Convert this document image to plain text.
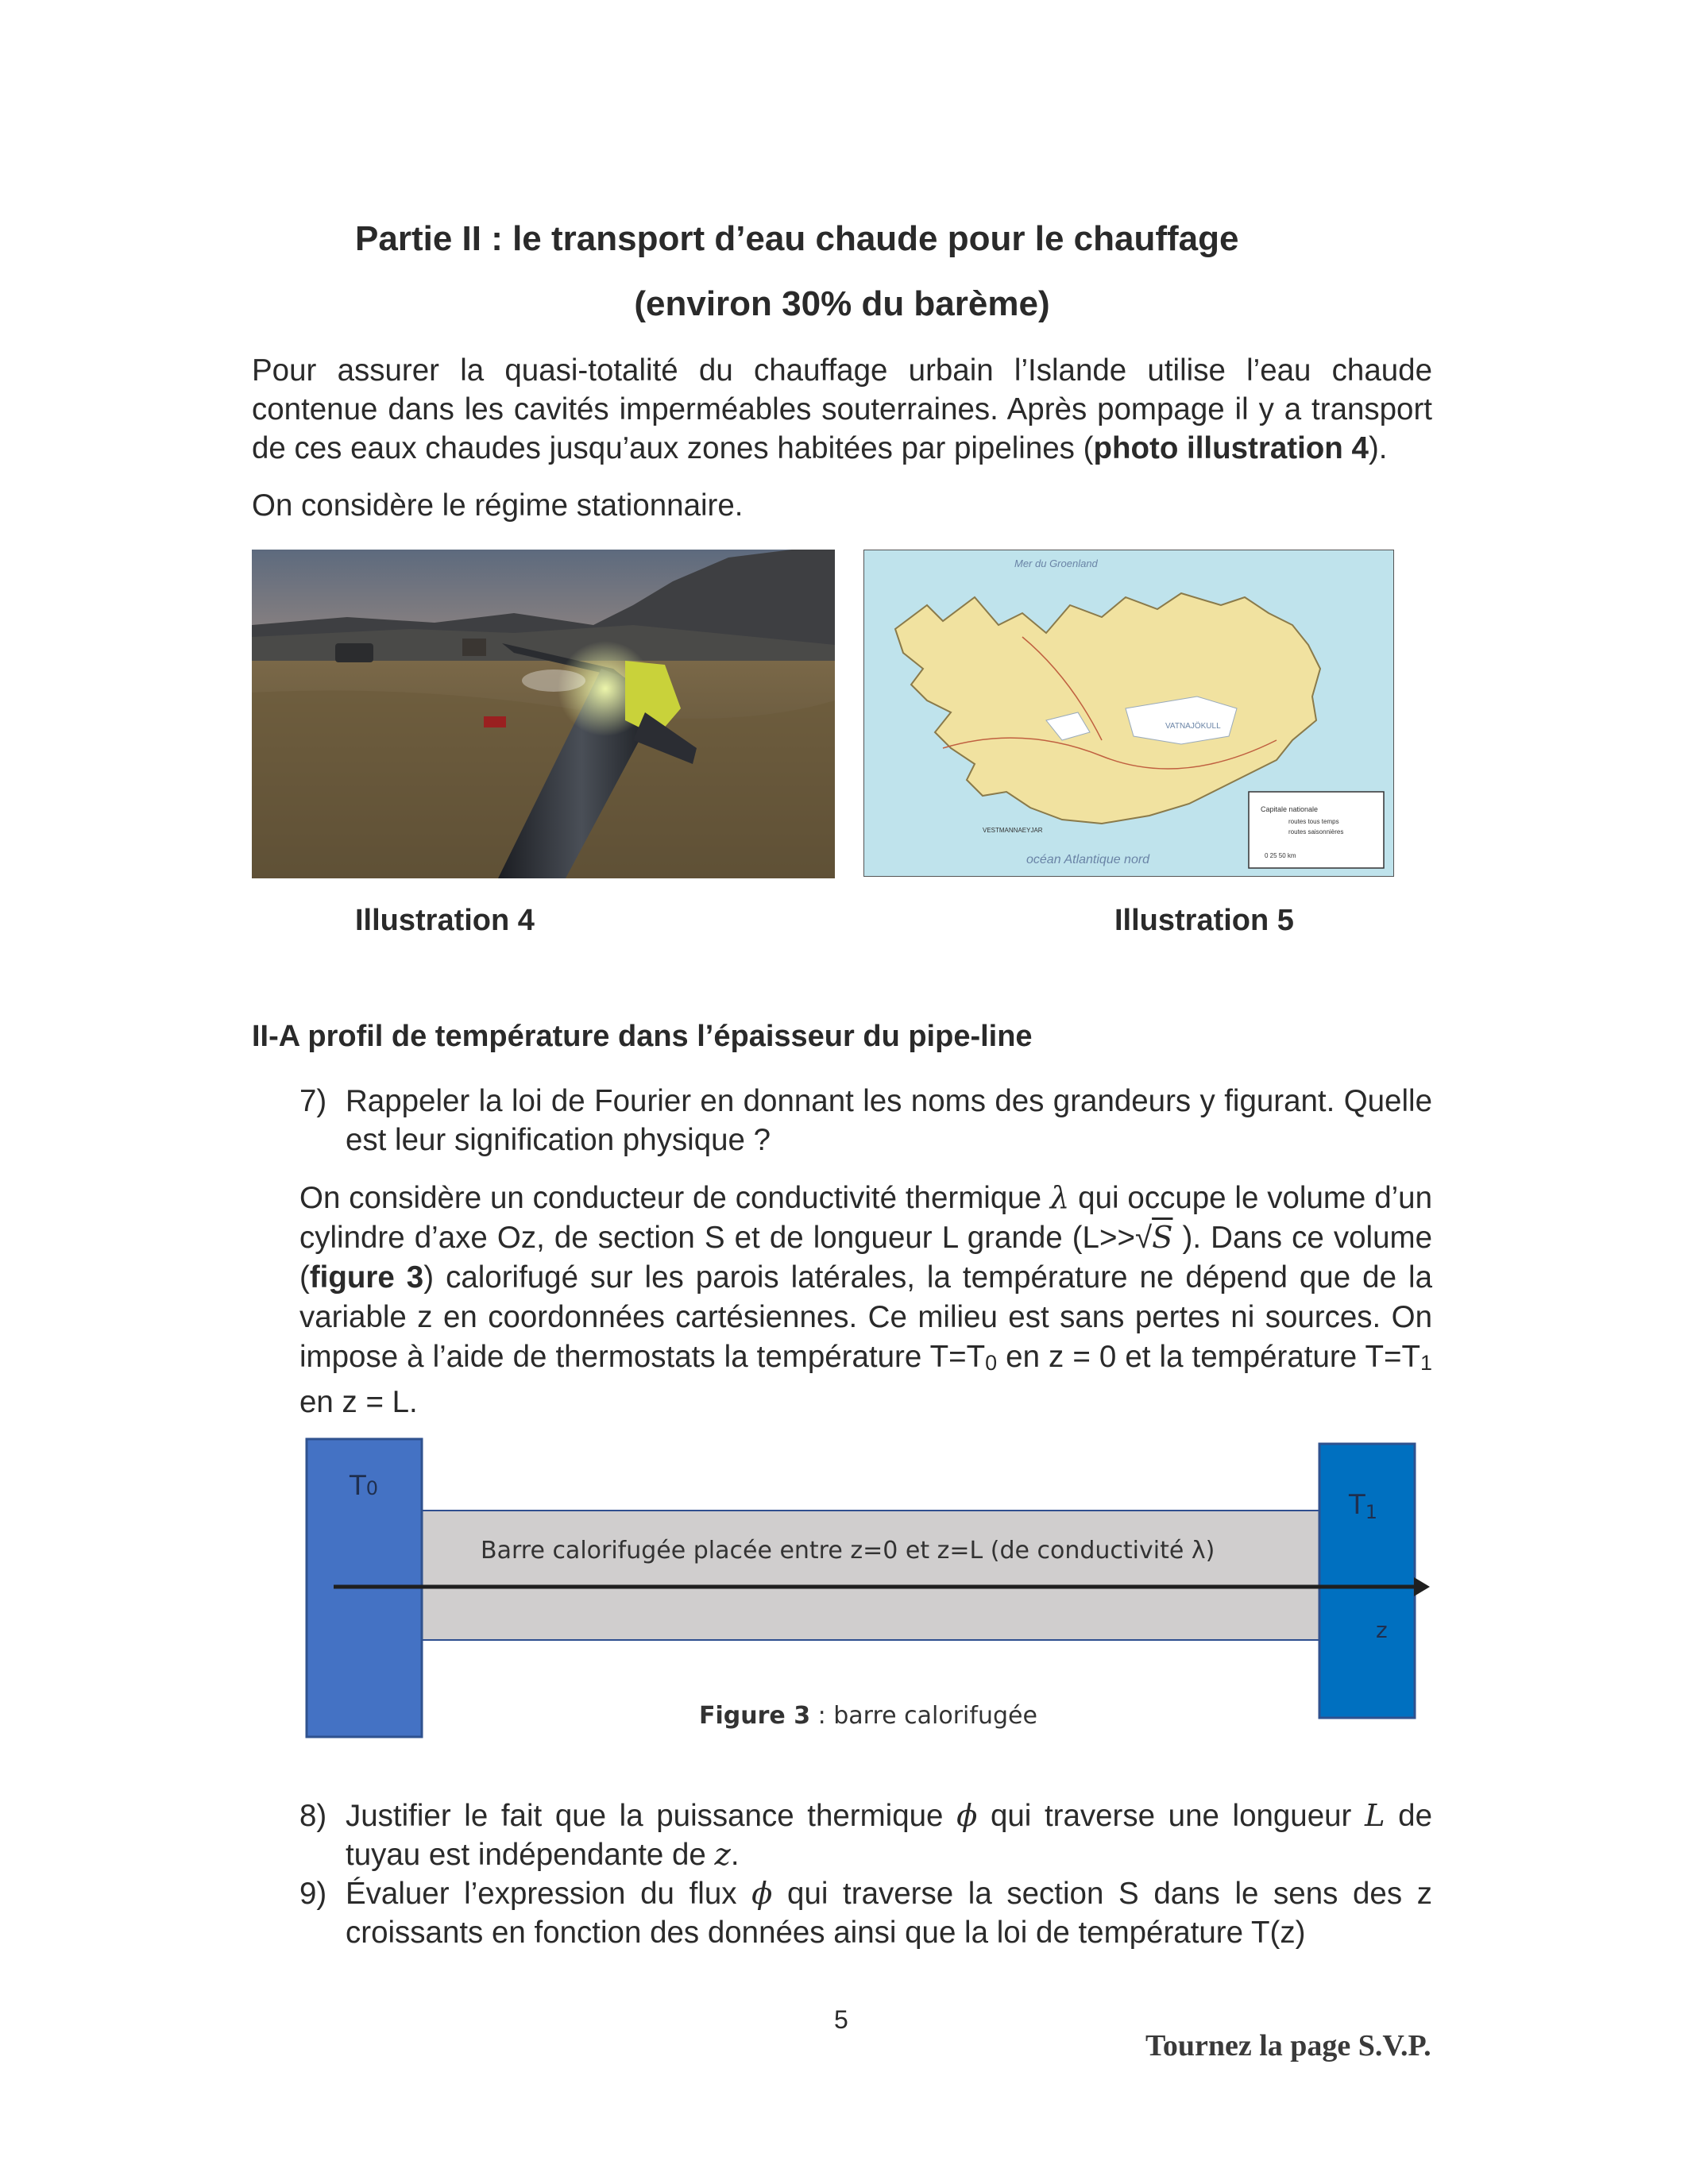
Partie II : le transport d’eau chaude pour le chauffage
(environ 30% du barème)
Pour assurer la quasi-totalité du chauffage urbain l’Islande utilise l’eau chaude contenue dans les cavités imperméables souterraines. Après pompage il y a transport de ces eaux chaudes jusqu’aux zones habitées par pipelines (photo illustration 4).
On considère le régime stationnaire.
Mer du Groenland
VATNAJÖKULL
VESTMANNAEYJAR
océan Atlantique nord
Capitale nationale
routes tous temps
routes saisonnières
0 25 50 km
Illustration 4	Illustration 5
II-A profil de température dans l’épaisseur du pipe-line
7) Rappeler la loi de Fourier en donnant les noms des grandeurs y figurant. Quelle est leur signification physique ?
On considère un conducteur de conductivité thermique λ qui occupe le volume d’un cylindre d’axe Oz, de section S et de longueur L grande (L>>√S ). Dans ce volume (figure 3) calorifugé sur les parois latérales, la température ne dépend que de la variable z en coordonnées cartésiennes. Ce milieu est sans pertes ni sources. On impose à l’aide de thermostats la température $T=T_0$ en z = 0 et la température $T=T_1$ en z = L.
T0
T1
Barre calorifugée placée entre z=0 et z=L (de conductivité λ)
z
Figure 3 : barre calorifugée
8) Justifier le fait que la puissance thermique ϕ qui traverse une longueur L de tuyau est indépendante de z.
9) Évaluer l’expression du flux ϕ qui traverse la section S dans le sens des z croissants en fonction des données ainsi que la loi de température T(z)
5
Tournez la page S.V.P.
